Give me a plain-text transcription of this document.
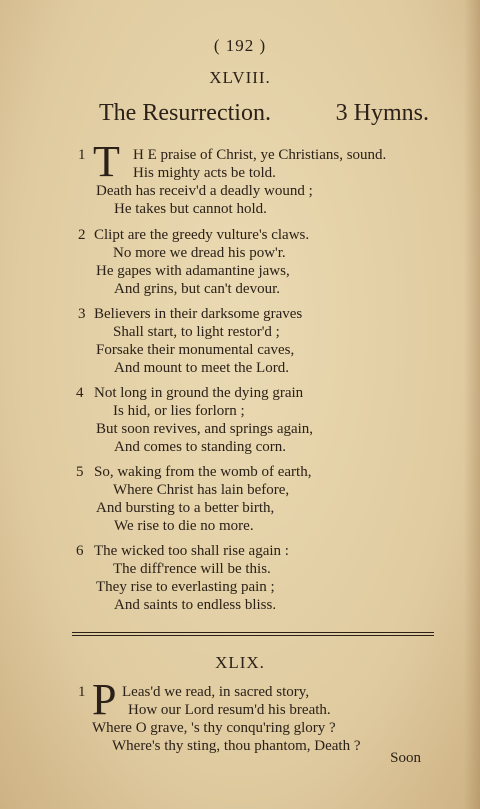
( 192 )
XLVIII.
The Resurrection.	3 Hymns.
1 T H E praise of Christ, ye Christians, sound.
His mighty acts be told.
Death has receiv'd a deadly wound ;
He takes but cannot hold.
2 Clipt are the greedy vulture's claws.
No more we dread his pow'r.
He gapes with adamantine jaws,
And grins, but can't devour.
3 Believers in their darksome graves
Shall start, to light restor'd ;
Forsake their monumental caves,
And mount to meet the Lord.
4 Not long in ground the dying grain
Is hid, or lies forlorn ;
But soon revives, and springs again,
And comes to standing corn.
5 So, waking from the womb of earth,
Where Christ has lain before,
And bursting to a better birth,
We rise to die no more.
6 The wicked too shall rise again :
The diff'rence will be this.
They rise to everlasting pain ;
And saints to endless bliss.
XLIX.
1 P Leas'd we read, in sacred story,
How our Lord resum'd his breath.
Where O grave, 's thy conqu'ring glory ?
Where's thy sting, thou phantom, Death ?
Soon
